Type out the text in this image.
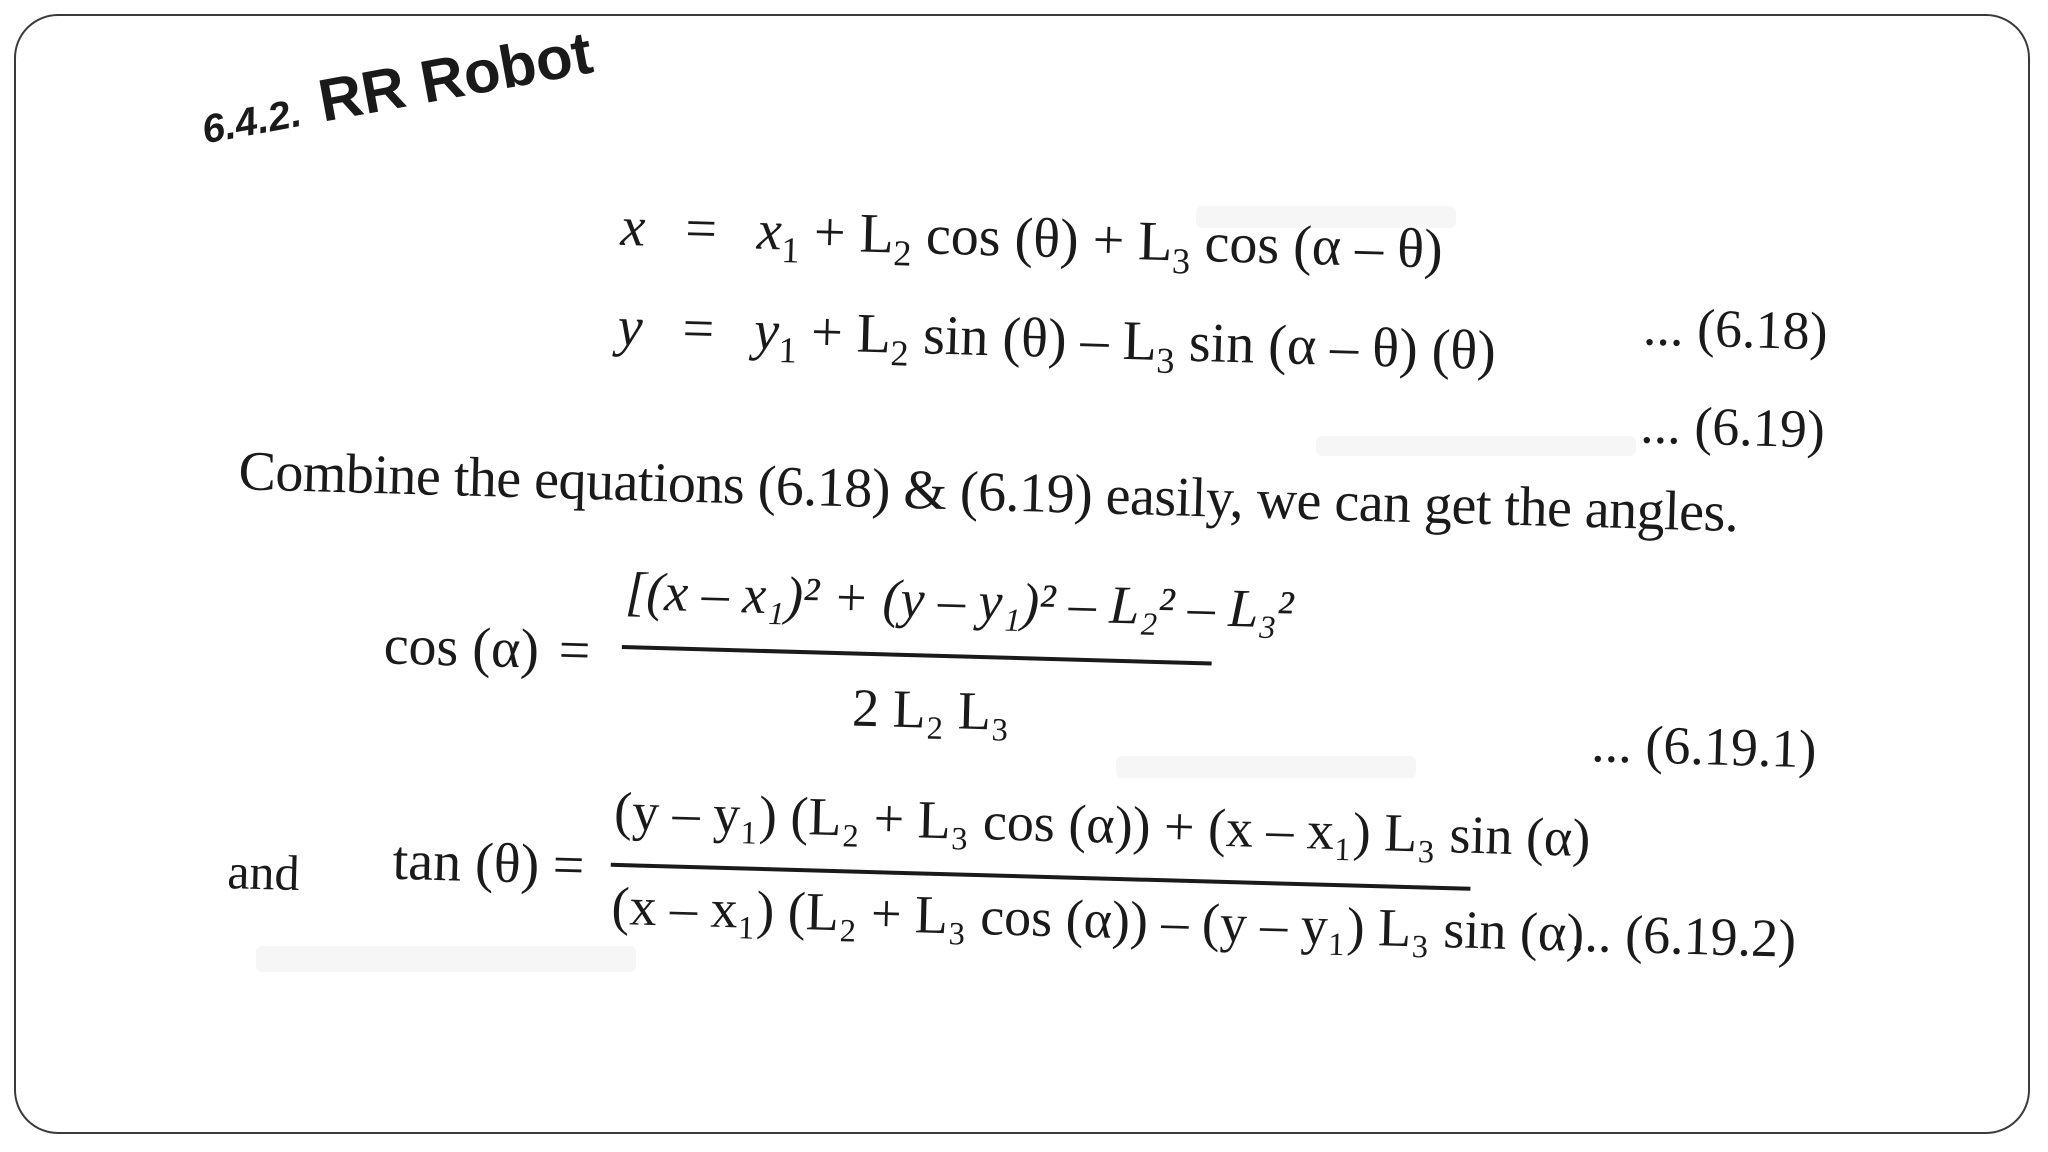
6.4.2. RR Robot
$x = x_1 + L_2$ $\cos (\theta) + L_3$ cos (α – θ)
... (6.18)
$y = y_1 + L_2$ $\sin (\theta) - L_3$ sin (α – θ) (θ)
... (6.19)
Combine the equations (6.18) & (6.19) easily, we can get the angles.
cos (α) =
[(x – x₁)² + (y – y₁)² – L₂² – L₃²
2 L₂ L₃
... (6.19.1)
and tan (θ) = (y – y₁) (L₂ + L₃ cos (α)) + (x – x₁) L₃ sin (α)
(x – x₁) (L₂ + L₃ cos (α)) – (y – y₁) L₃ sin (α)
... (6.19.2)
